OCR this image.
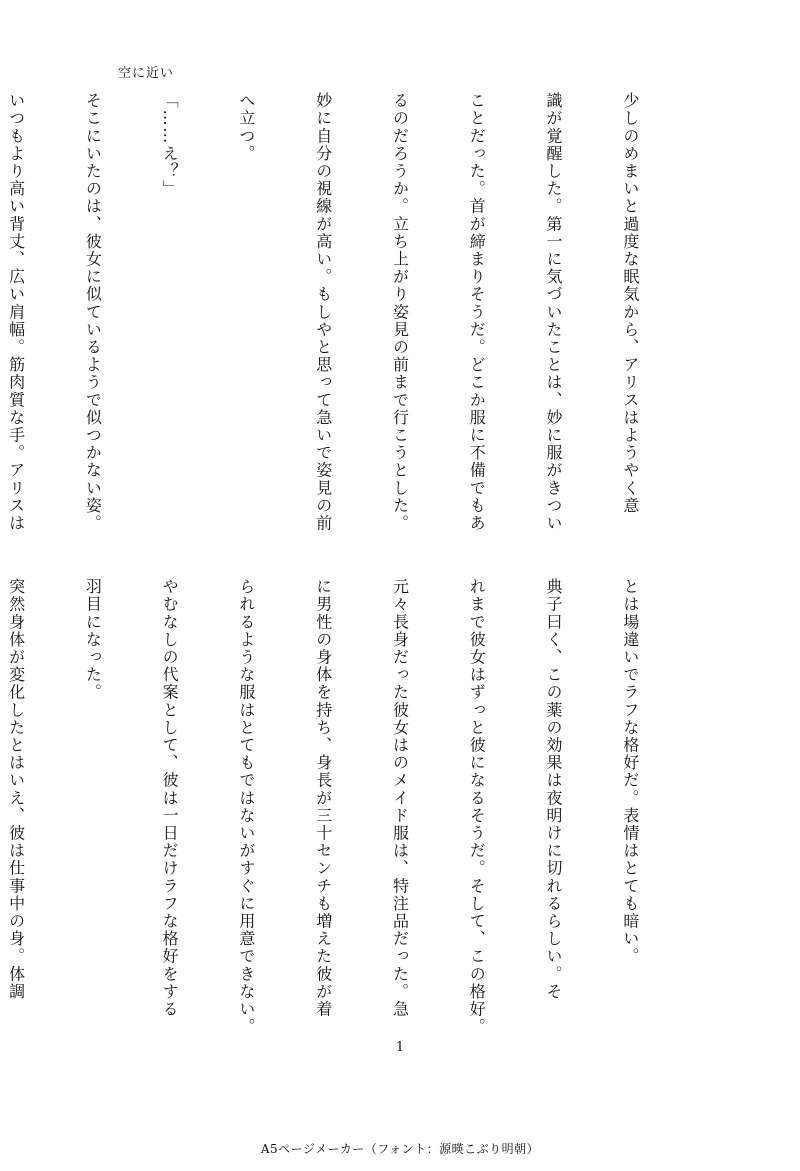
空に近い

少しのめまいと過度な眠気から、アリスはようやく意

識が覚醒した。第一に気づいたことは、妙に服がきつい

ことだった。首が締まりそうだ。どこか服に不備でもあ

るのだろうか。立ち上がり姿見の前まで行こうとした。

妙に自分の視線が高い。もしやと思って急いで姿見の前

へ立つ。

「……え？」

そこにいたのは、彼女に似ているようで似つかない姿。

いつもより高い背丈、広い肩幅。筋肉質な手。アリスは

とは場違いでラフな格好だ。表情はとても暗い。

典子曰く、この薬の効果は夜明けに切れるらしい。そ

れまで彼女はずっと彼になるそうだ。そして、この格好。

元々長身だった彼女はのメイド服は、特注品だった。急

に男性の身体を持ち、身長が三十センチも増えた彼が着

られるような服はとてもではないがすぐに用意できない。

やむなしの代案として、彼は一日だけラフな格好をする

羽目になった。

突然身体が変化したとはいえ、彼は仕事中の身。体調

1
A5ページメーカー（フォント：源暎こぶり明朝）
